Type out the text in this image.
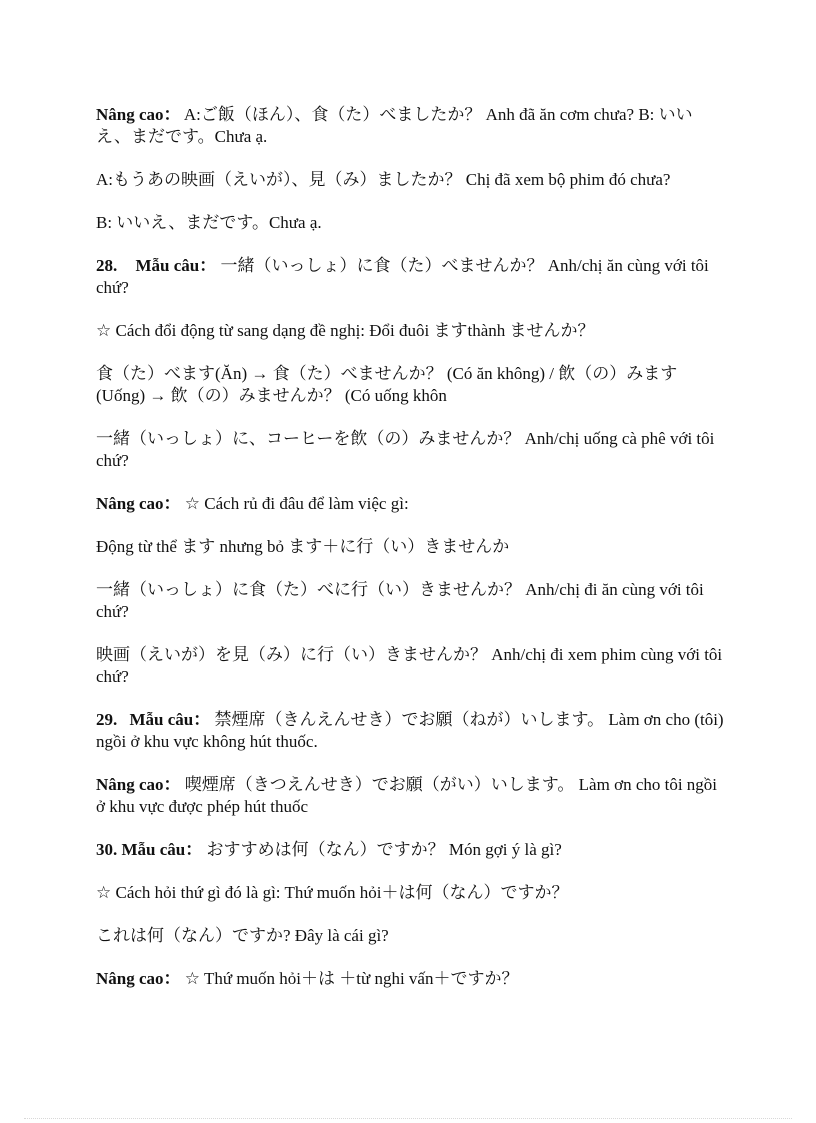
Nâng cao： A:ご飯（ほん）、食（た）べましたか？ Anh đã ăn cơm chưa? B: いいえ、まだです。Chưa ạ.

A:もうあの映画（えいが）、見（み）ましたか？ Chị đã xem bộ phim đó chưa?

B: いいえ、まだです。Chưa ạ.

28. Mẫu câu： 一緒（いっしょ）に食（た）べませんか？ Anh/chị ăn cùng với tôi chứ?

☆ Cách đổi động từ sang dạng đề nghị: Đổi đuôi ますthành ませんか？

食（た）べます(Ăn) → 食（た）べませんか？ (Có ăn không) / 飲（の）みます(Uống) → 飲（の）みませんか？ (Có uống khôn

一緒（いっしょ）に、コーヒーを飲（の）みませんか？ Anh/chị uống cà phê với tôi chứ?

Nâng cao： ☆ Cách rủ đi đâu để làm việc gì:

Động từ thể ます nhưng bỏ ます＋に行（い）きませんか

一緒（いっしょ）に食（た）べに行（い）きませんか？ Anh/chị đi ăn cùng với tôi chứ?

映画（えいが）を見（み）に行（い）きませんか？ Anh/chị đi xem phim cùng với tôi chứ?

29. Mẫu câu： 禁煙席（きんえんせき）でお願（ねが）いします。 Làm ơn cho (tôi) ngồi ở khu vực không hút thuốc.

Nâng cao： 喫煙席（きつえんせき）でお願（がい）いします。 Làm ơn cho tôi ngồi ở khu vực được phép hút thuốc

30. Mẫu câu： おすすめは何（なん）ですか？ Món gợi ý là gì?

☆ Cách hỏi thứ gì đó là gì: Thứ muốn hỏi＋は何（なん）ですか？

これは何（なん）ですか? Đây là cái gì?

Nâng cao： ☆ Thứ muốn hỏi＋は ＋từ nghi vấn＋ですか？
